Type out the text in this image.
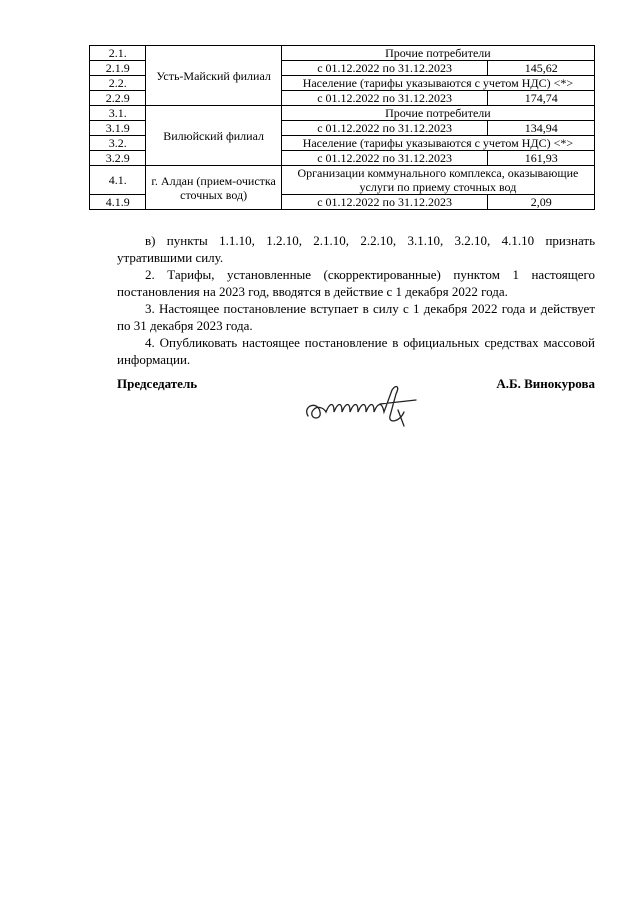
2.1.	Усть-Майский филиал	Прочие потребители	
2.1.9		с 01.12.2022 по 31.12.2023	145,62
2.2.		Население (тарифы указываются с учетом НДС) <*>	
2.2.9		с 01.12.2022 по 31.12.2023	174,74
3.1.	Вилюйский филиал	Прочие потребители	
3.1.9		с 01.12.2022 по 31.12.2023	134,94
3.2.		Население (тарифы указываются с учетом НДС) <*>	
3.2.9		с 01.12.2022 по 31.12.2023	161,93
4.1.	г. Алдан (прием-очистка сточных вод)	Организации коммунального комплекса, оказывающие услуги по приему сточных вод	
4.1.9		с 01.12.2022 по 31.12.2023	2,09

в) пункты 1.1.10, 1.2.10, 2.1.10, 2.2.10, 3.1.10, 3.2.10, 4.1.10 признать утратившими силу.

2. Тарифы, установленные (скорректированные) пунктом 1 настоящего постановления на 2023 год, вводятся в действие с 1 декабря 2022 года.

3. Настоящее постановление вступает в силу с 1 декабря 2022 года и действует по 31 декабря 2023 года.

4. Опубликовать настоящее постановление в официальных средствах массовой информации.

Председатель	А.Б. Винокурова
